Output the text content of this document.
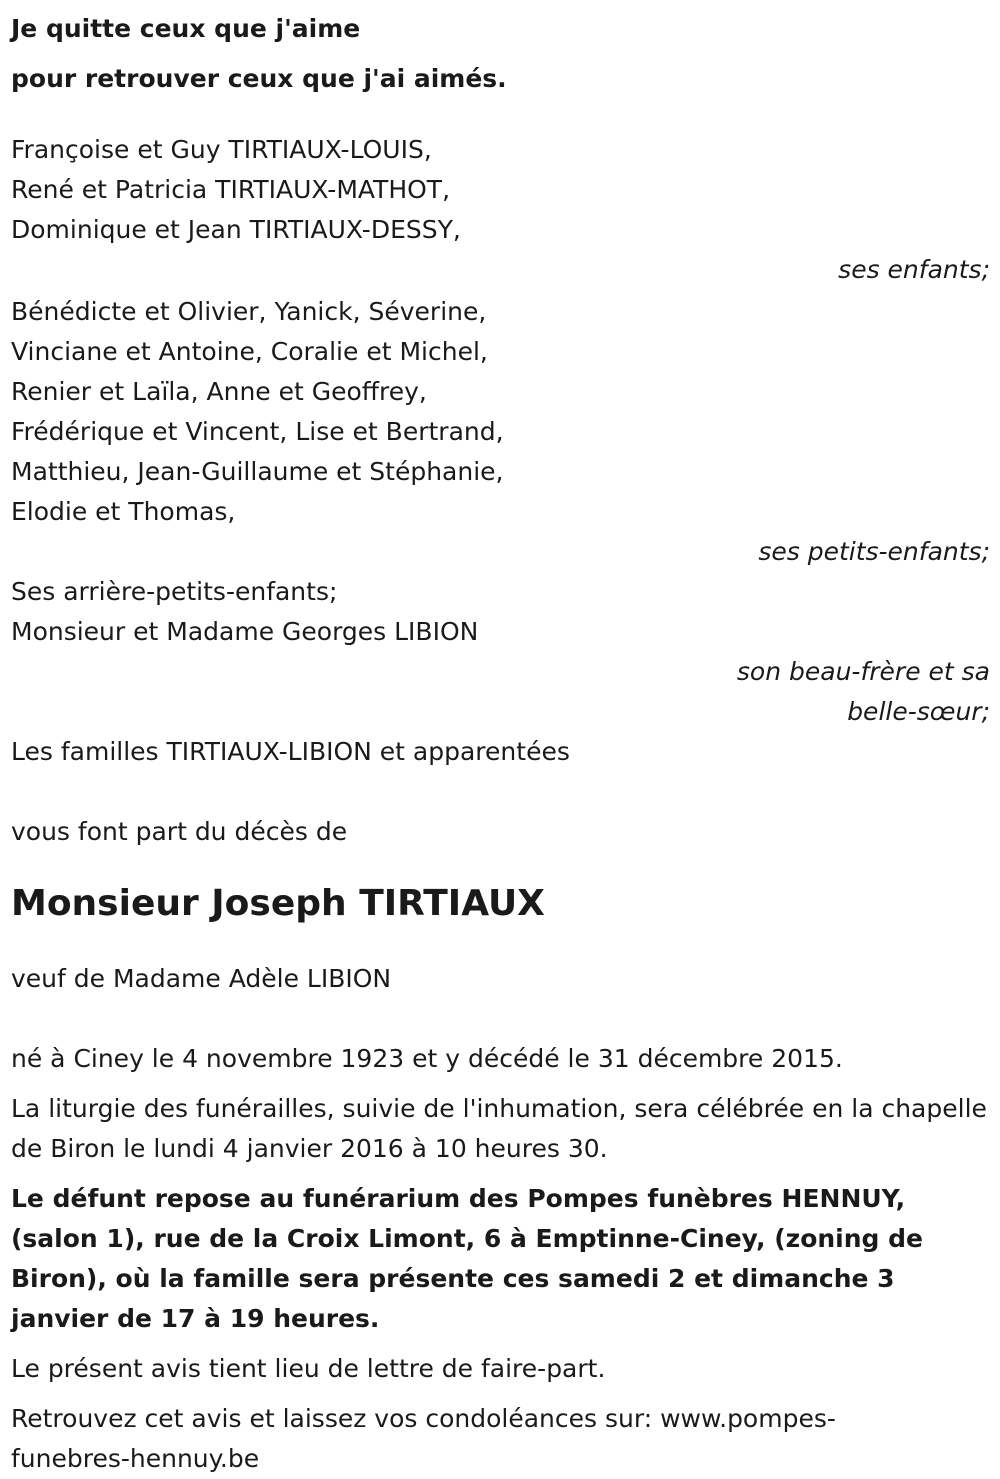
Je quitte ceux que j'aime

pour retrouver ceux que j'ai aimés.

Françoise et Guy TIRTIAUX-LOUIS,

René et Patricia TIRTIAUX-MATHOT,

Dominique et Jean TIRTIAUX-DESSY,

ses enfants;

Bénédicte et Olivier, Yanick, Séverine,

Vinciane et Antoine, Coralie et Michel,

Renier et Laïla, Anne et Geoffrey,

Frédérique et Vincent, Lise et Bertrand,

Matthieu, Jean-Guillaume et Stéphanie,

Elodie et Thomas,

ses petits-enfants;

Ses arrière-petits-enfants;

Monsieur et Madame Georges LIBION

son beau-frère et sa

belle-sœur;

Les familles TIRTIAUX-LIBION et apparentées

vous font part du décès de

Monsieur Joseph TIRTIAUX

veuf de Madame Adèle LIBION

né à Ciney le 4 novembre 1923 et y décédé le 31 décembre 2015.

La liturgie des funérailles, suivie de l'inhumation, sera célébrée en la chapelle de Biron le lundi 4 janvier 2016 à 10 heures 30.

Le défunt repose au funérarium des Pompes funèbres HENNUY, (salon 1), rue de la Croix Limont, 6 à Emptinne-Ciney, (zoning de Biron), où la famille sera présente ces samedi 2 et dimanche 3 janvier de 17 à 19 heures.

Le présent avis tient lieu de lettre de faire-part.

Retrouvez cet avis et laissez vos condoléances sur: www.pompes-

funebres-hennuy.be
